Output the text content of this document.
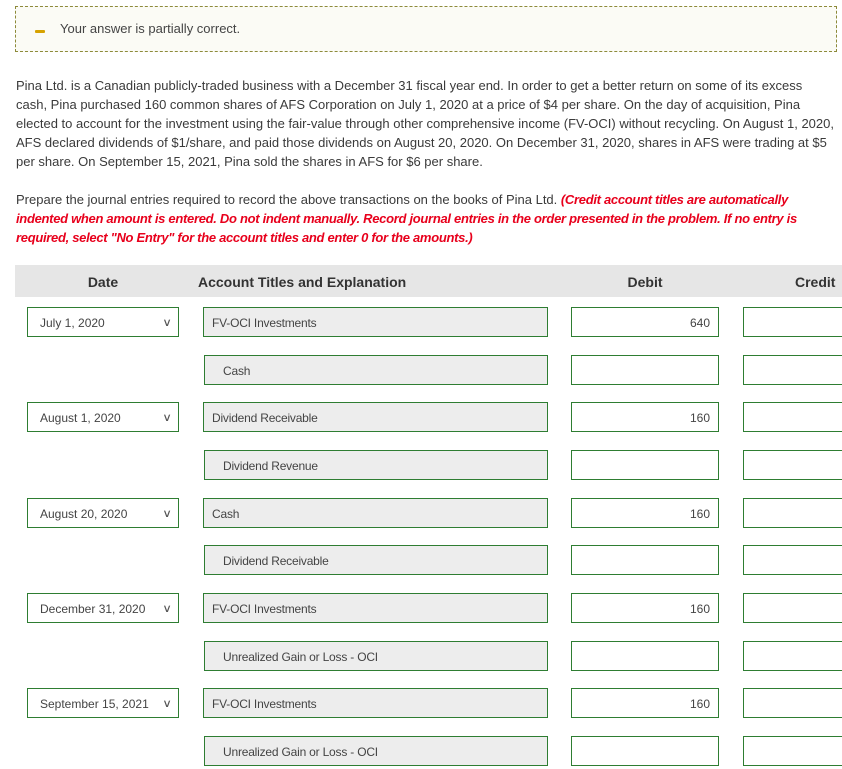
Your answer is partially correct.
Pina Ltd. is a Canadian publicly-traded business with a December 31 fiscal year end. In order to get a better return on some of its excess cash, Pina purchased 160 common shares of AFS Corporation on July 1, 2020 at a price of $4 per share. On the day of acquisition, Pina elected to account for the investment using the fair-value through other comprehensive income (FV-OCI) without recycling. On August 1, 2020, AFS declared dividends of $1/share, and paid those dividends on August 20, 2020. On December 31, 2020, shares in AFS were trading at $5 per share. On September 15, 2021, Pina sold the shares in AFS for $6 per share.
Prepare the journal entries required to record the above transactions on the books of Pina Ltd. (Credit account titles are automatically indented when amount is entered. Do not indent manually. Record journal entries in the order presented in the problem. If no entry is required, select "No Entry" for the account titles and enter 0 for the amounts.)
Date	Account Titles and Explanation	Debit	Credit
July 1, 2020	∨	FV-OCI Investments	640
Cash
August 1, 2020	∨	Dividend Receivable	160
Dividend Revenue
August 20, 2020	∨	Cash	160
Dividend Receivable
December 31, 2020 ∨	FV-OCI Investments	160
Unrealized Gain or Loss - OCI
September 15, 2021 ∨	FV-OCI Investments	160
Unrealized Gain or Loss - OCI
